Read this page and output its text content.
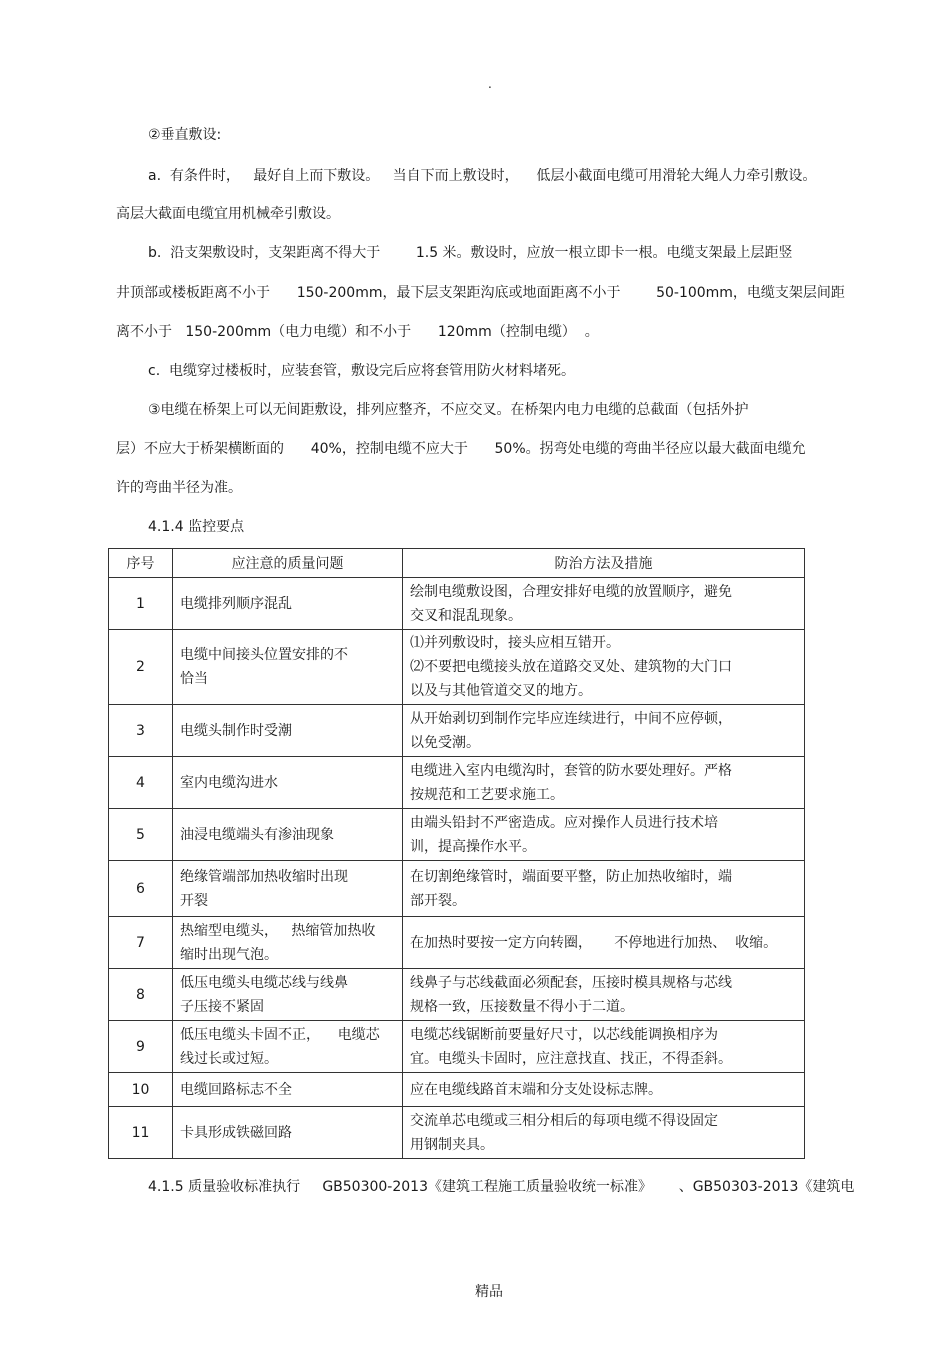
.
②垂直敷设:
a.  有条件时，   最好自上而下敷设。   当自下而上敷设时，    低层小截面电缆可用滑轮大绳人力牵引敷设。
高层大截面电缆宜用机械牵引敷设。
b.  沿支架敷设时，支架距离不得大于        1.5 米。敷设时，应放一根立即卡一根。电缆支架最上层距竖
井顶部或楼板距离不小于      150-200mm，最下层支架距沟底或地面距离不小于        50-100mm，电缆支架层间距
离不小于   150-200mm（电力电缆）和不小于      120mm（控制电缆）  。
c.  电缆穿过楼板时，应装套管，敷设完后应将套管用防火材料堵死。
③电缆在桥架上可以无间距敷设，排列应整齐，不应交叉。在桥架内电力电缆的总截面（包括外护
层）不应大于桥架横断面的      40%，控制电缆不应大于      50%。拐弯处电缆的弯曲半径应以最大截面电缆允
许的弯曲半径为准。
4.1.4 监控要点
序号	应注意的质量问题	防治方法及措施
1	电缆排列顺序混乱	绘制电缆敷设图，合理安排好电缆的放置顺序，避免
交叉和混乱现象。

2	电缆中间接头位置安排的不
恰当	⑴并列敷设时，接头应相互错开。
⑵不要把电缆接头放在道路交叉处、建筑物的大门口
以及与其他管道交叉的地方。

3	电缆头制作时受潮	从开始剥切到制作完毕应连续进行，中间不应停顿，
以免受潮。

4	室内电缆沟进水	电缆进入室内电缆沟时，套管的防水要处理好。严格
按规范和工艺要求施工。

5	油浸电缆端头有渗油现象	由端头铅封不严密造成。应对操作人员进行技术培
训，提高操作水平。

6	绝缘管端部加热收缩时出现
开裂	在切割绝缘管时，端面要平整，防止加热收缩时，端
部开裂。

7	热缩型电缆头，   热缩管加热收
缩时出现气泡。	在加热时要按一定方向转圈，     不停地进行加热、  收缩。

8	低压电缆头电缆芯线与线鼻
子压接不紧固	线鼻子与芯线截面必须配套，压接时模具规格与芯线
规格一致，压接数量不得小于二道。

9	低压电缆头卡固不正，    电缆芯
线过长或过短。	电缆芯线锯断前要量好尺寸，以芯线能调换相序为
宜。电缆头卡固时，应注意找直、找正，不得歪斜。

10	电缆回路标志不全	应在电缆线路首末端和分支处设标志牌。

11	卡具形成铁磁回路	交流单芯电缆或三相分相后的每项电缆不得设固定
用钢制夹具。
4.1.5 质量验收标准执行     GB50300-2013《建筑工程施工质量验收统一标准》      、GB50303-2013《建筑电
精品
